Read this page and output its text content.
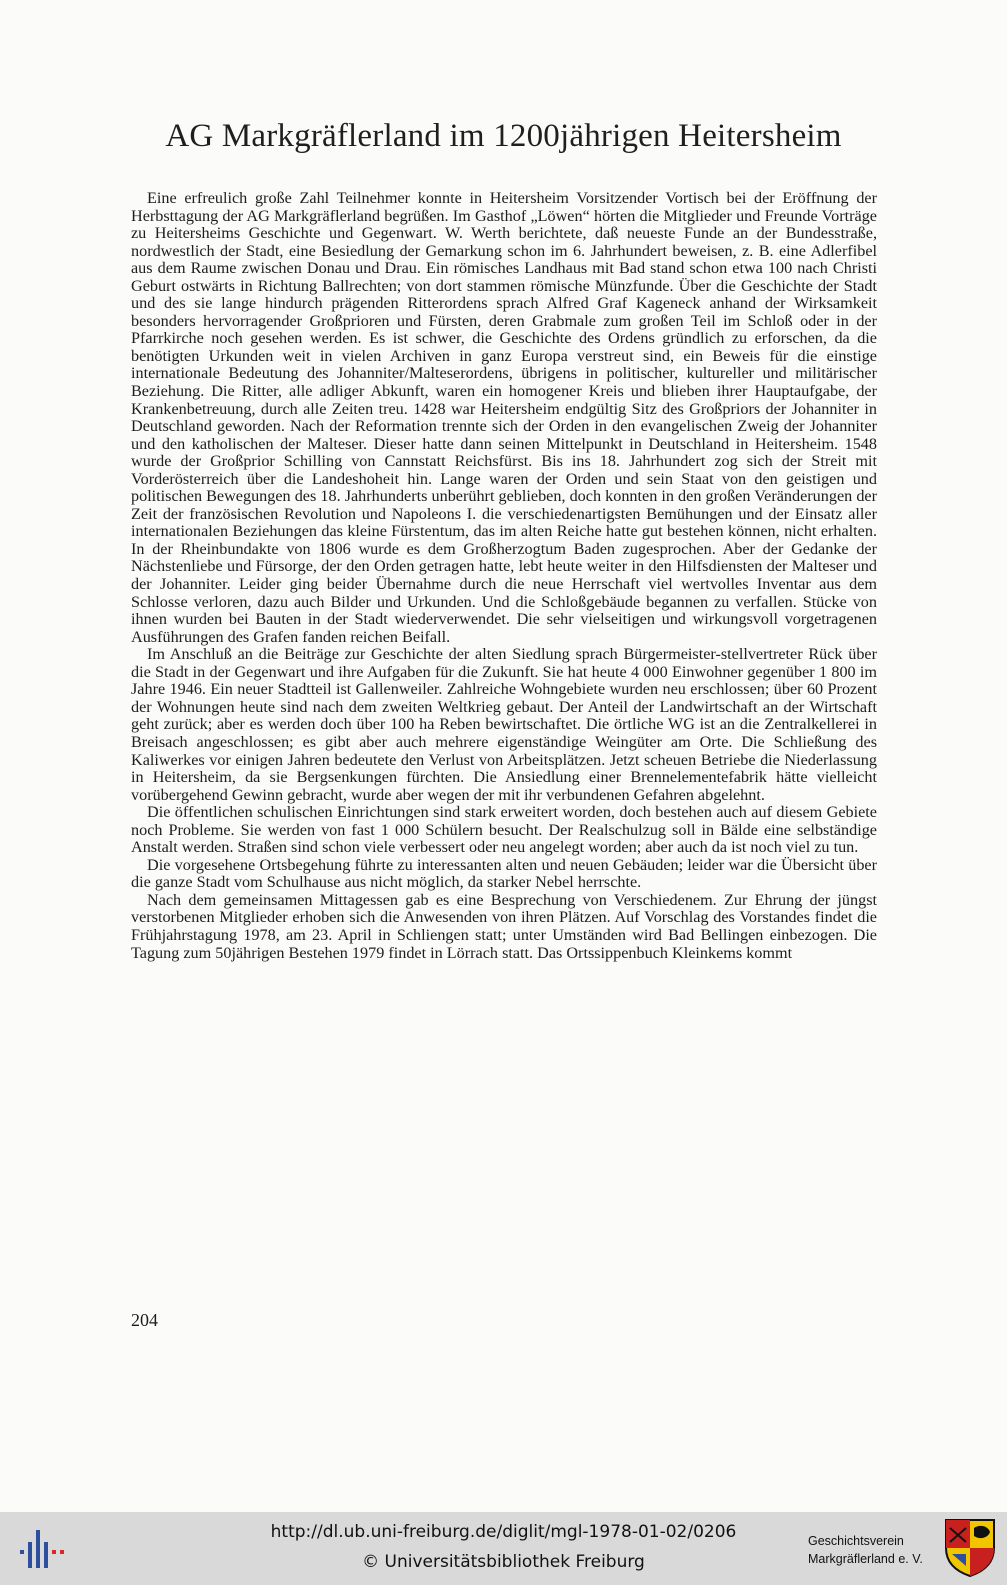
AG Markgräflerland im 1200jährigen Heitersheim

Eine erfreulich große Zahl Teilnehmer konnte in Heitersheim Vorsitzender Vortisch bei der Eröffnung der Herbsttagung der AG Markgräflerland begrüßen. Im Gasthof „Löwen“ hörten die Mitglieder und Freunde Vorträge zu Heitersheims Geschichte und Gegenwart. W. Werth berichtete, daß neueste Funde an der Bundesstraße, nordwestlich der Stadt, eine Besiedlung der Gemarkung schon im 6. Jahrhundert beweisen, z. B. eine Adlerfibel aus dem Raume zwischen Donau und Drau. Ein römisches Landhaus mit Bad stand schon etwa 100 nach Christi Geburt ostwärts in Richtung Ballrechten; von dort stammen römische Münzfunde. Über die Geschichte der Stadt und des sie lange hindurch prägenden Ritterordens sprach Alfred Graf Kageneck anhand der Wirksamkeit besonders hervorragender Großprioren und Fürsten, deren Grabmale zum großen Teil im Schloß oder in der Pfarrkirche noch gesehen werden. Es ist schwer, die Geschichte des Ordens gründlich zu erforschen, da die benötigten Urkunden weit in vielen Archiven in ganz Europa verstreut sind, ein Beweis für die einstige internationale Bedeutung des Johanniter/Malteserordens, übrigens in politischer, kultureller und militärischer Beziehung. Die Ritter, alle adliger Abkunft, waren ein homogener Kreis und blieben ihrer Hauptaufgabe, der Krankenbetreuung, durch alle Zeiten treu. 1428 war Heitersheim endgültig Sitz des Großpriors der Johanniter in Deutschland geworden. Nach der Reformation trennte sich der Orden in den evangelischen Zweig der Johanniter und den katholischen der Malteser. Dieser hatte dann seinen Mittelpunkt in Deutschland in Heitersheim. 1548 wurde der Großprior Schilling von Cannstatt Reichsfürst. Bis ins 18. Jahrhundert zog sich der Streit mit Vorderösterreich über die Landeshoheit hin. Lange waren der Orden und sein Staat von den geistigen und politischen Bewegungen des 18. Jahrhunderts unberührt geblieben, doch konnten in den großen Veränderungen der Zeit der französischen Revolution und Napoleons I. die verschiedenartigsten Bemühungen und der Einsatz aller internationalen Beziehungen das kleine Fürstentum, das im alten Reiche hatte gut bestehen können, nicht erhalten. In der Rheinbundakte von 1806 wurde es dem Großherzogtum Baden zugesprochen. Aber der Gedanke der Nächstenliebe und Fürsorge, der den Orden getragen hatte, lebt heute weiter in den Hilfsdiensten der Malteser und der Johanniter. Leider ging beider Übernahme durch die neue Herrschaft viel wertvolles Inventar aus dem Schlosse verloren, dazu auch Bilder und Urkunden. Und die Schloßgebäude begannen zu verfallen. Stücke von ihnen wurden bei Bauten in der Stadt wiederverwendet. Die sehr vielseitigen und wirkungsvoll vorgetragenen Ausführungen des Grafen fanden reichen Beifall.

Im Anschluß an die Beiträge zur Geschichte der alten Siedlung sprach Bürgermeister-stellvertreter Rück über die Stadt in der Gegenwart und ihre Aufgaben für die Zukunft. Sie hat heute 4 000 Einwohner gegenüber 1 800 im Jahre 1946. Ein neuer Stadtteil ist Gallenweiler. Zahlreiche Wohngebiete wurden neu erschlossen; über 60 Prozent der Wohnungen heute sind nach dem zweiten Weltkrieg gebaut. Der Anteil der Landwirtschaft an der Wirtschaft geht zurück; aber es werden doch über 100 ha Reben bewirtschaftet. Die örtliche WG ist an die Zentralkellerei in Breisach angeschlossen; es gibt aber auch mehrere eigenständige Weingüter am Orte. Die Schließung des Kaliwerkes vor einigen Jahren bedeutete den Verlust von Arbeitsplätzen. Jetzt scheuen Betriebe die Niederlassung in Heitersheim, da sie Bergsenkungen fürchten. Die Ansiedlung einer Brennelementefabrik hätte vielleicht vorübergehend Gewinn gebracht, wurde aber wegen der mit ihr verbundenen Gefahren abgelehnt.

Die öffentlichen schulischen Einrichtungen sind stark erweitert worden, doch bestehen auch auf diesem Gebiete noch Probleme. Sie werden von fast 1 000 Schülern besucht. Der Realschulzug soll in Bälde eine selbständige Anstalt werden. Straßen sind schon viele verbessert oder neu angelegt worden; aber auch da ist noch viel zu tun.

Die vorgesehene Ortsbegehung führte zu interessanten alten und neuen Gebäuden; leider war die Übersicht über die ganze Stadt vom Schulhause aus nicht möglich, da starker Nebel herrschte.

Nach dem gemeinsamen Mittagessen gab es eine Besprechung von Verschiedenem. Zur Ehrung der jüngst verstorbenen Mitglieder erhoben sich die Anwesenden von ihren Plätzen. Auf Vorschlag des Vorstandes findet die Frühjahrstagung 1978, am 23. April in Schliengen statt; unter Umständen wird Bad Bellingen einbezogen. Die Tagung zum 50jährigen Bestehen 1979 findet in Lörrach statt. Das Ortssippenbuch Kleinkems kommt

204
http://dl.ub.uni-freiburg.de/diglit/mgl-1978-01-02/0206
© Universitätsbibliothek Freiburg
Geschichtsverein
Markgräflerland e. V.
